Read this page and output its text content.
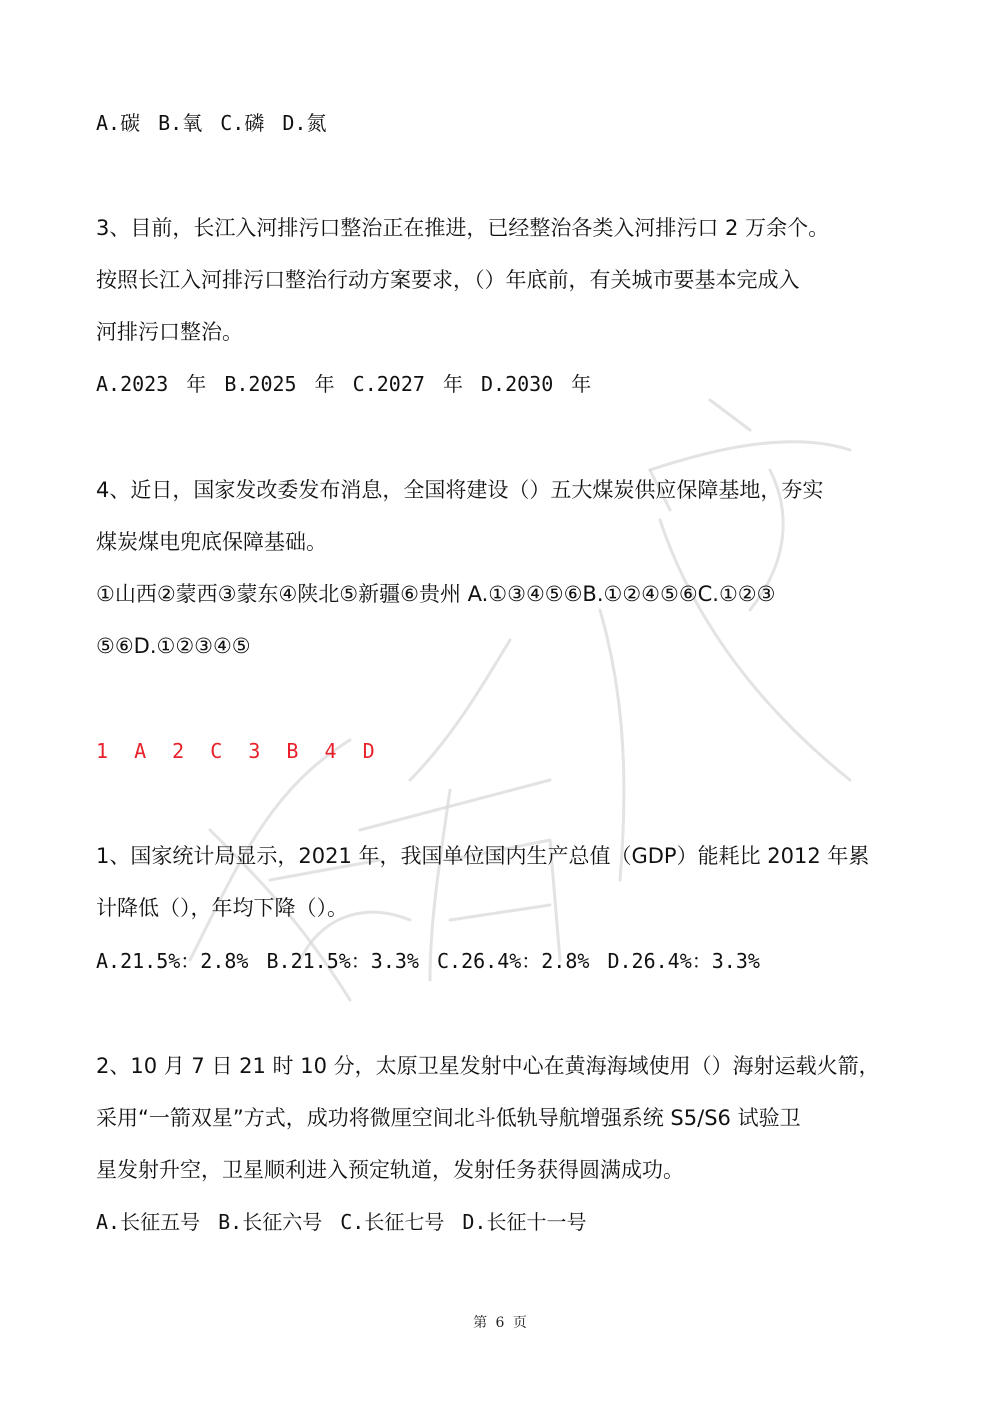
A.碳 B.氧 C.磷 D.氮

3、目前，长江入河排污口整治正在推进，已经整治各类入河排污口 2 万余个。

按照长江入河排污口整治行动方案要求，（）年底前，有关城市要基本完成入

河排污口整治。

A.2023 年 B.2025 年 C.2027 年 D.2030 年

4、近日，国家发改委发布消息，全国将建设（）五大煤炭供应保障基地，夯实

煤炭煤电兜底保障基础。

①山西②蒙西③蒙东④陕北⑤新疆⑥贵州 A.①③④⑤⑥B.①②④⑤⑥C.①②③

⑤⑥D.①②③④⑤

1 A 2 C 3 B 4 D

1、国家统计局显示，2021 年，我国单位国内生产总值（GDP）能耗比 2012 年累

计降低（），年均下降（）。

A.21.5%：2.8% B.21.5%：3.3% C.26.4%：2.8% D.26.4%：3.3%

2、10 月 7 日 21 时 10 分，太原卫星发射中心在黄海海域使用（）海射运载火箭，

采用“一箭双星”方式，成功将微厘空间北斗低轨导航增强系统 S5/S6 试验卫

星发射升空，卫星顺利进入预定轨道，发射任务获得圆满成功。

A.长征五号 B.长征六号 C.长征七号 D.长征十一号

第 6 页
